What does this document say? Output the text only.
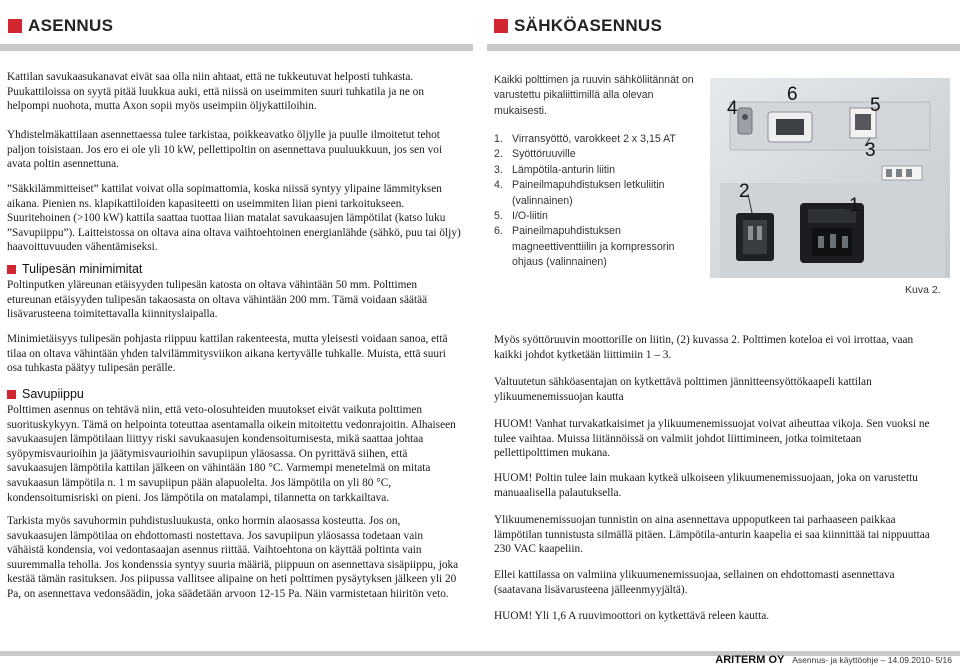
ASENNUS	SÄHKÖASENNUS

Kattilan savukaasukanavat eivät saa olla niin ahtaat, että ne tukkeutuvat helposti tuhkasta. Puukattiloissa on syytä pitää luukkua auki, että niissä on useimmiten suuri tuhkatila ja ne on helpompi nuohota, mutta Axon sopii myös useimpiin öljykattiloihin.

Yhdistelmäkattilaan asennettaessa tulee tarkistaa, poikkeavatko öljylle ja puulle ilmoitetut tehot paljon toisistaan. Jos ero ei ole yli 10 kW, pellettipoltin on asennettava puuluukkuun, jos sen voi avata poltin asennettuna.

”Säkkilämmitteiset” kattilat voivat olla sopimattomia, koska niissä syntyy ylipaine lämmityksen aikana. Pienien ns. klapikattiloiden kapasiteetti on useimmiten liian pieni tarkoitukseen. Suuritehoinen (>100 kW) kattila saattaa tuottaa liian matalat savukaasujen lämpötilat (katso luku ”Savupiippu”). Laitteistossa on oltava aina oltava vaihtoehtoinen energianlähde (sähkö, puu tai öljy) haavoittuvuuden vähentämiseksi.

Tulipesän minimimitat

Poltinputken yläreunan etäisyyden tulipesän katosta on oltava vähintään 50 mm. Polttimen etureunan etäisyyden tulipesän takaosasta on oltava vähintään 200 mm. Tämä voidaan säätää lisävarusteena toimitettavalla kiinnityslaipalla.

Minimietäisyys tulipesän pohjasta riippuu kattilan rakenteesta, mutta yleisesti voidaan sanoa, että tilaa on oltava vähintään yhden talvilämmitysviikon aikana kertyvälle tuhkalle. Muista, että suuri osa tuhkasta päätyy tulipesän perälle.

Savupiippu

Polttimen asennus on tehtävä niin, että veto-olosuhteiden muutokset eivät vaikuta polttimen suorituskykyyn. Tämä on helpointa toteuttaa asentamalla oikein mitoitettu vedonrajoitin. Alhaiseen savukaasujen lämpötilaan liittyy riski savukaasujen kondensoitumisesta, mikä saattaa johtaa syöpymisvaurioihin ja jäätymisvaurioihin savupiipun yläosassa. On pyrittävä siihen, että savukaasujen lämpötila kattilan jälkeen on vähintään 180 °C. Varmempi menetelmä on mitata savukaasun lämpötila n. 1 m savupiipun pään alapuolelta. Jos lämpötila on yli 80 °C, kondensoitumisriski on pieni. Jos lämpötila on matalampi, tilannetta on tarkkailtava.

Tarkista myös savuhormin puhdistusluukusta, onko hormin alaosassa kosteutta. Jos on, savukaasujen lämpötilaa on ehdottomasti nostettava. Jos savupiipun yläosassa todetaan vain vähäistä kondensia, voi vedontasaajan asennus riittää. Vaihtoehtona on käyttää poltinta vain suuremmalla teholla. Jos kondenssia syntyy suuria määriä, piippuun on asennettava sisäpiippu, joka kestää tämän rasituksen. Jos piipussa vallitsee alipaine on heti polttimen pysäytyksen jälkeen yli 20 Pa, on asennettava vedonsäädin, joka säädetään arvoon 12-15 Pa. Näin varmistetaan hiiritön veto.

Kaikki polttimen ja ruuvin sähköliitännät on varustettu pikaliittimillä alla olevan mukaisesti.

1. Virransyöttö, varokkeet 2 x 3,15 AT
2. Syöttöruuville
3. Lämpötila-anturin liitin
4. Paineilmapuhdistuksen letkuliitin (valinnainen)
5. I/O-liitin
6. Paineilmapuhdistuksen magneettiventtiilin ja kompressorin ohjaus (valinnainen)
4
6
5
3
2
1
Kuva 2.

Myös syöttöruuvin moottorille on liitin, (2) kuvassa 2. Polttimen koteloa ei voi irrottaa, vaan kaikki johdot kytketään liittimiin 1 – 3.

Valtuutetun sähköasentajan on kytkettävä polttimen jännitteensyöttökaapeli kattilan ylikuumenemissuojan kautta

HUOM! Vanhat turvakatkaisimet ja ylikuumenemissuojat voivat aiheuttaa vikoja. Sen vuoksi ne tulee vaihtaa. Muissa liitännöissä on valmiit johdot liittimineen, jotka toimitetaan pellettipolttimen mukana.

HUOM! Poltin tulee lain mukaan kytkeä ulkoiseen ylikuumenemissuojaan, joka on varustettu manuaalisella palautuksella.

Ylikuumenemissuojan tunnistin on aina asennettava uppoputkeen tai parhaaseen paikkaa lämpötilan tunnistusta silmällä pitäen. Lämpötila-anturin kaapelia ei saa kiinnittää tai nippuuttaa 230 VAC kaapeliin.

Ellei kattilassa on valmiina ylikuumenemissuojaa, sellainen on ehdottomasti asennettava (saatavana lisävarusteena jälleenmyyjältä).

HUOM! Yli 1,6 A ruuvimoottori on kytkettävä releen kautta.

ARITERM OY Asennus- ja käyttöohje – 14.09.2010- 5/16
